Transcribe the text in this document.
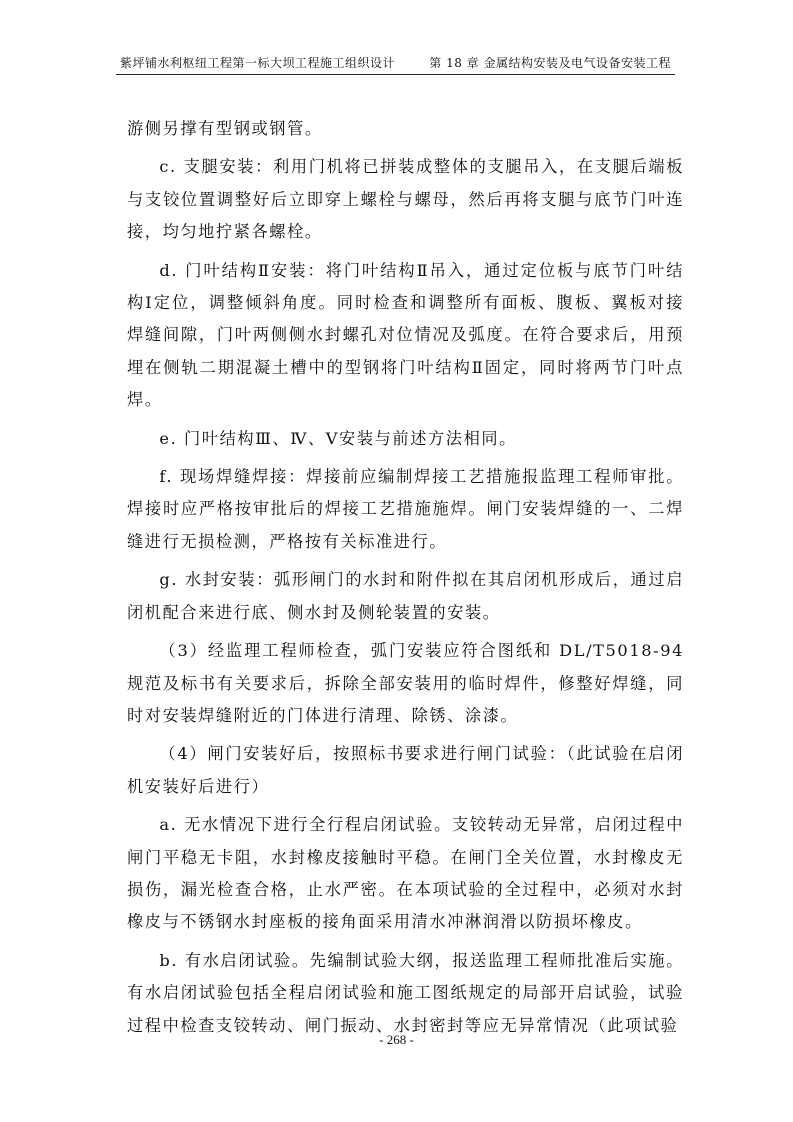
紫坪铺水利枢纽工程第一标大坝工程施工组织设计	第 18 章 金属结构安装及电气设备安装工程

游侧另撑有型钢或钢管。

c. 支腿安装：利用门机将已拼装成整体的支腿吊入，在支腿后端板与支铰位置调整好后立即穿上螺栓与螺母，然后再将支腿与底节门叶连接，均匀地拧紧各螺栓。

d. 门叶结构Ⅱ安装：将门叶结构Ⅱ吊入，通过定位板与底节门叶结构Ⅰ定位，调整倾斜角度。同时检查和调整所有面板、腹板、翼板对接焊缝间隙，门叶两侧侧水封螺孔对位情况及弧度。在符合要求后，用预埋在侧轨二期混凝土槽中的型钢将门叶结构Ⅱ固定，同时将两节门叶点焊。

e. 门叶结构Ⅲ、Ⅳ、Ⅴ安装与前述方法相同。

f. 现场焊缝焊接：焊接前应编制焊接工艺措施报监理工程师审批。焊接时应严格按审批后的焊接工艺措施施焊。闸门安装焊缝的一、二焊缝进行无损检测，严格按有关标准进行。

g. 水封安装：弧形闸门的水封和附件拟在其启闭机形成后，通过启闭机配合来进行底、侧水封及侧轮装置的安装。

（3）经监理工程师检查，弧门安装应符合图纸和 DL/T5018-94 规范及标书有关要求后，拆除全部安装用的临时焊件，修整好焊缝，同时对安装焊缝附近的门体进行清理、除锈、涂漆。

（4）闸门安装好后，按照标书要求进行闸门试验：（此试验在启闭机安装好后进行）

a. 无水情况下进行全行程启闭试验。支铰转动无异常，启闭过程中闸门平稳无卡阻，水封橡皮接触时平稳。在闸门全关位置，水封橡皮无损伤，漏光检查合格，止水严密。在本项试验的全过程中，必须对水封橡皮与不锈钢水封座板的接角面采用清水冲淋润滑以防损坏橡皮。

b. 有水启闭试验。先编制试验大纲，报送监理工程师批准后实施。有水启闭试验包括全程启闭试验和施工图纸规定的局部开启试验，试验过程中检查支铰转动、闸门振动、水封密封等应无异常情况（此项试验

- 268 -
